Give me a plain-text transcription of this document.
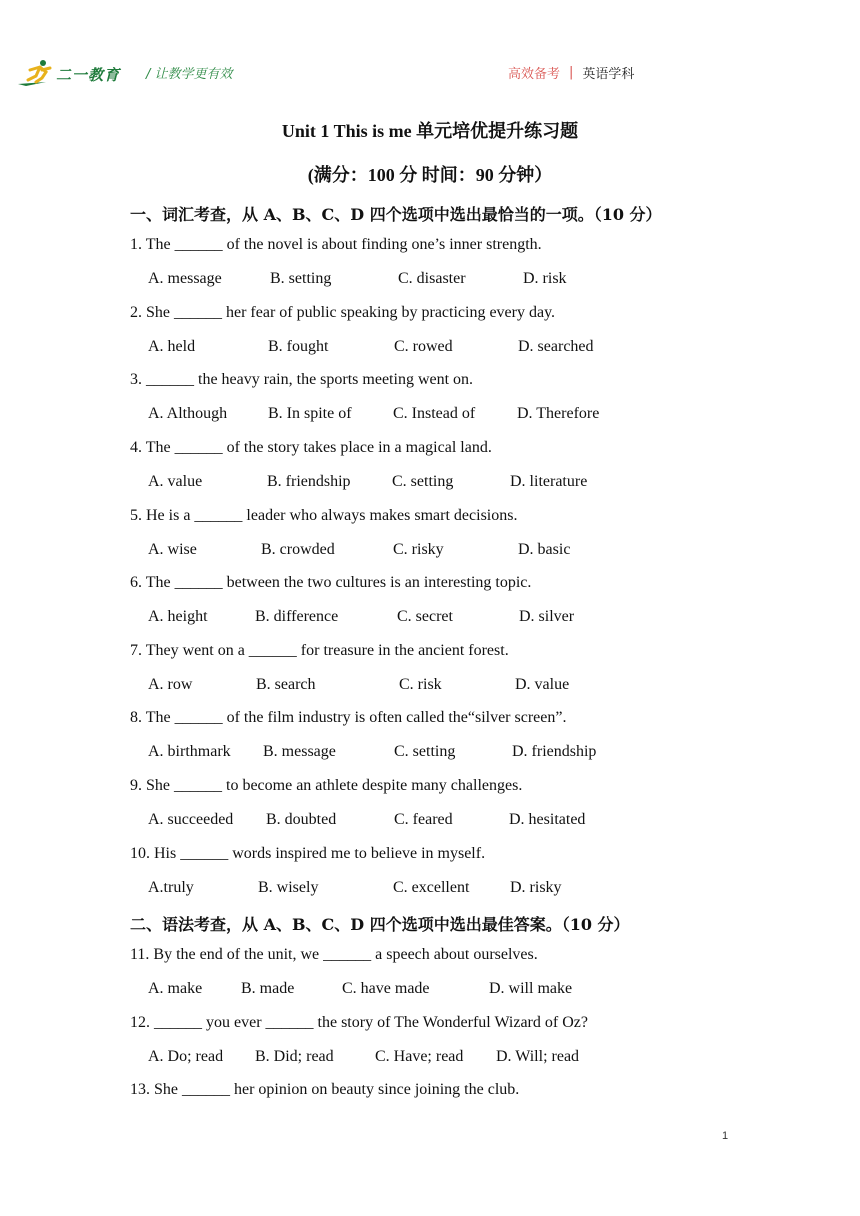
二一教育 / 让教学更有效	高效备考 | 英语学科
Unit 1 This is me 单元培优提升练习题
(满分：100 分 时间：90 分钟）
一、词汇考查，从 A、B、C、D 四个选项中选出最恰当的一项。（10 分）
1. The ______ of the novel is about finding one’s inner strength.
A. message	B. setting	C. disaster	D. risk
2. She ______ her fear of public speaking by practicing every day.
A. held	B. fought	C. rowed	D. searched
3. ______ the heavy rain, the sports meeting went on.
A. Although	B. In spite of	C. Instead of	D. Therefore
4. The ______ of the story takes place in a magical land.
A. value	B. friendship	C. setting	D. literature
5. He is a ______ leader who always makes smart decisions.
A. wise	B. crowded	C. risky	D. basic
6. The ______ between the two cultures is an interesting topic.
A. height	B. difference	C. secret	D. silver
7. They went on a ______ for treasure in the ancient forest.
A. row	B. search	C. risk	D. value
8. The ______ of the film industry is often called the“silver screen”.
A. birthmark B. message	C. setting	D. friendship
9. She ______ to become an athlete despite many challenges.
A. succeeded B. doubted	C. feared	D. hesitated
10. His ______ words inspired me to believe in myself.
A.truly	B. wisely	C. excellent	D. risky
二、语法考查，从 A、B、C、D 四个选项中选出最佳答案。（10 分）
11. By the end of the unit, we ______ a speech about ourselves.
A. make B. made	C. have made	D. will make
12. ______ you ever ______ the story of The Wonderful Wizard of Oz?
A. Do; read B. Did; read	C. Have; read D. Will; read
13. She ______ her opinion on beauty since joining the club.
1
